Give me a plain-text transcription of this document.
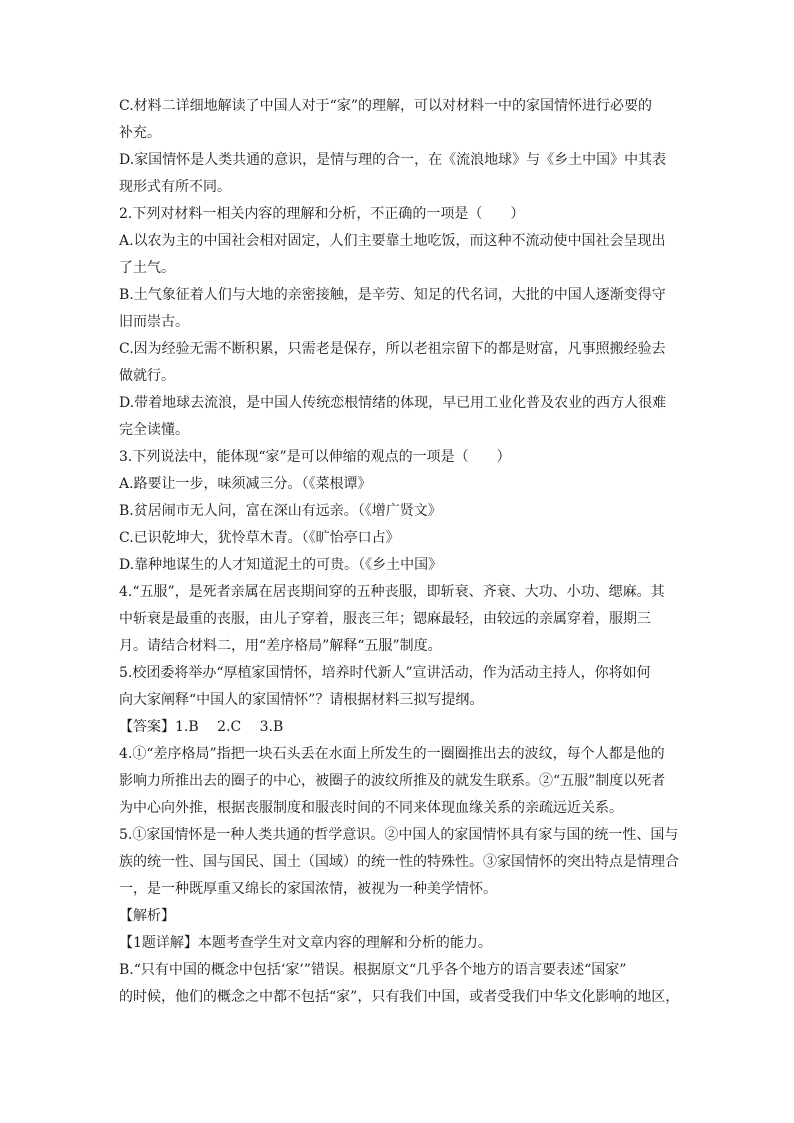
C.材料二详细地解读了中国人对于“家”的理解，可以对材料一中的家国情怀进行必要的
补充。
D.家国情怀是人类共通的意识，是情与理的合一，在《流浪地球》与《乡土中国》中其表
现形式有所不同。
2.下列对材料一相关内容的理解和分析，不正确的一项是（　　）
A.以农为主的中国社会相对固定，人们主要靠土地吃饭，而这种不流动使中国社会呈现出
了土气。
B.土气象征着人们与大地的亲密接触，是辛劳、知足的代名词，大批的中国人逐渐变得守
旧而崇古。
C.因为经验无需不断积累，只需老是保存，所以老祖宗留下的都是财富，凡事照搬经验去
做就行。
D.带着地球去流浪，是中国人传统恋根情绪的体现，早已用工业化普及农业的西方人很难
完全读懂。
3.下列说法中，能体现“家”是可以伸缩的观点的一项是（　　）
A.路要让一步，味须减三分。（《菜根谭》
B.贫居闹市无人问，富在深山有远亲。（《增广贤文》
C.已识乾坤大，犹怜草木青。（《旷怡亭口占》
D.靠种地谋生的人才知道泥土的可贵。（《乡土中国》
4.“五服”，是死者亲属在居丧期间穿的五种丧服，即斩衰、齐衰、大功、小功、缌麻。其
中斩衰是最重的丧服，由儿子穿着，服丧三年；锶麻最轻，由较远的亲属穿着，服期三
月。请结合材料二，用“差序格局”解释“五服”制度。
5.校团委将举办“厚植家国情怀，培养时代新人”宣讲活动，作为活动主持人，你将如何
向大家阐释“中国人的家国情怀”？请根据材料三拟写提纲。
【答案】1.B　 2.C　 3.B
4.①“差序格局”指把一块石头丢在水面上所发生的一圈圈推出去的波纹，每个人都是他的
影响力所推出去的圈子的中心，被圈子的波纹所推及的就发生联系。②“五服”制度以死者
为中心向外推，根据丧服制度和服丧时间的不同来体现血缘关系的亲疏远近关系。
5.①家国情怀是一种人类共通的哲学意识。②中国人的家国情怀具有家与国的统一性、国与
族的统一性、国与国民、国土（国域）的统一性的特殊性。③家国情怀的突出特点是情理合
一，是一种既厚重又绵长的家国浓情，被视为一种美学情怀。
【解析】
【1题详解】本题考查学生对文章内容的理解和分析的能力。
B.“只有中国的概念中包括‘家’”错误。根据原文“几乎各个地方的语言要表述“国家”
的时候，他们的概念之中都不包括“家”，只有我们中国，或者受我们中华文化影响的地区，
